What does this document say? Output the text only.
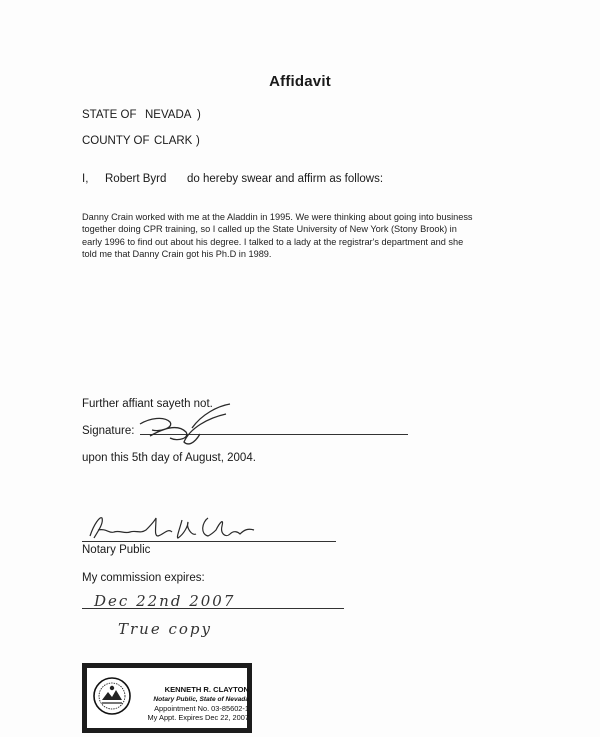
Affidavit
STATE OF NEVADA )
COUNTY OF CLARK )
I, Robert Byrd do hereby swear and affirm as follows:
Danny Crain worked with me at the Aladdin in 1995. We were thinking about going into business
together doing CPR training, so I called up the State University of New York (Stony Brook) in
early 1996 to find out about his degree. I talked to a lady at the registrar's department and she
told me that Danny Crain got his Ph.D in 1989.
Further affiant sayeth not.
Signature:
upon this 5th day of August, 2004.
Notary Public
My commission expires:
Dec 22nd 2007
True copy
KENNETH R. CLAYTON
Notary Public, State of Nevada
Appointment No. 03-85602-1
My Appt. Expires Dec 22, 2007
